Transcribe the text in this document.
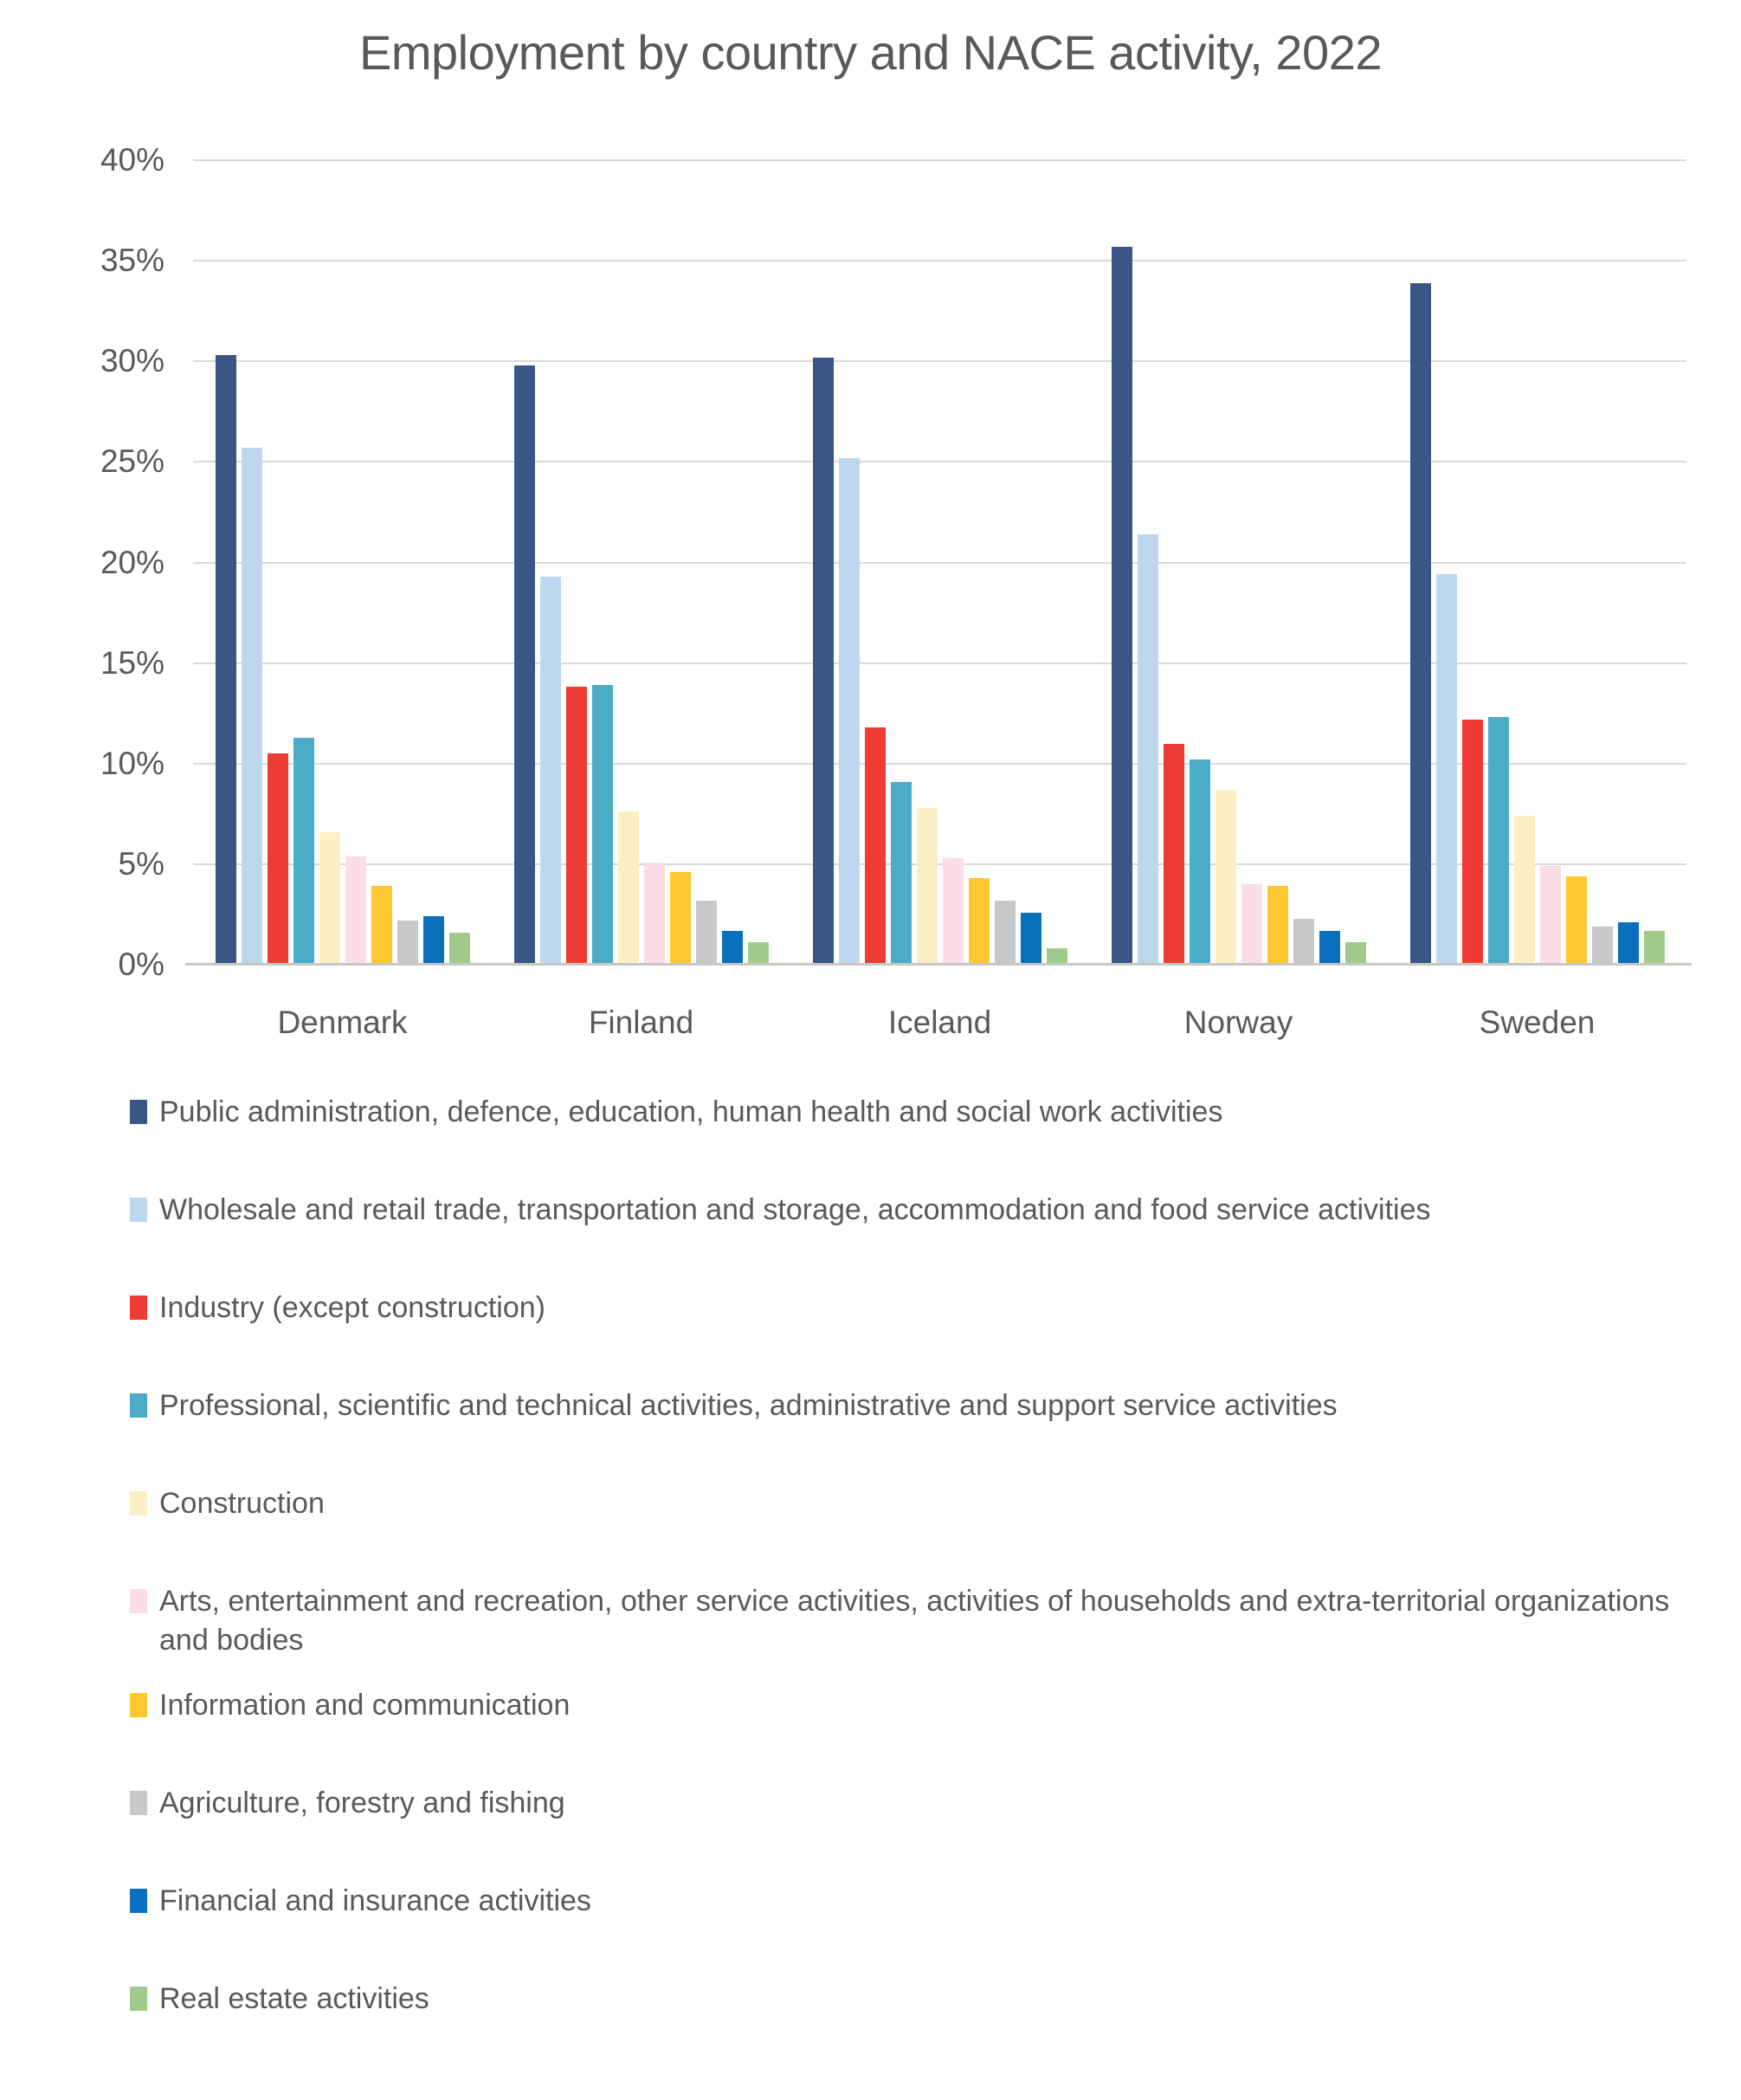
Employment by country and NACE activity, 2022
40%
35%
30%
25%
20%
15%
10%
5%
0%
Denmark	Finland	Iceland	Norway	Sweden
Public administration, defence, education, human health and social work activities
Wholesale and retail trade, transportation and storage, accommodation and food service activities
Industry (except construction)
Professional, scientific and technical activities, administrative and support service activities
Construction
Arts, entertainment and recreation, other service activities, activities of households and extra-territorial organizations and bodies
Information and communication
Agriculture, forestry and fishing
Financial and insurance activities
Real estate activities
